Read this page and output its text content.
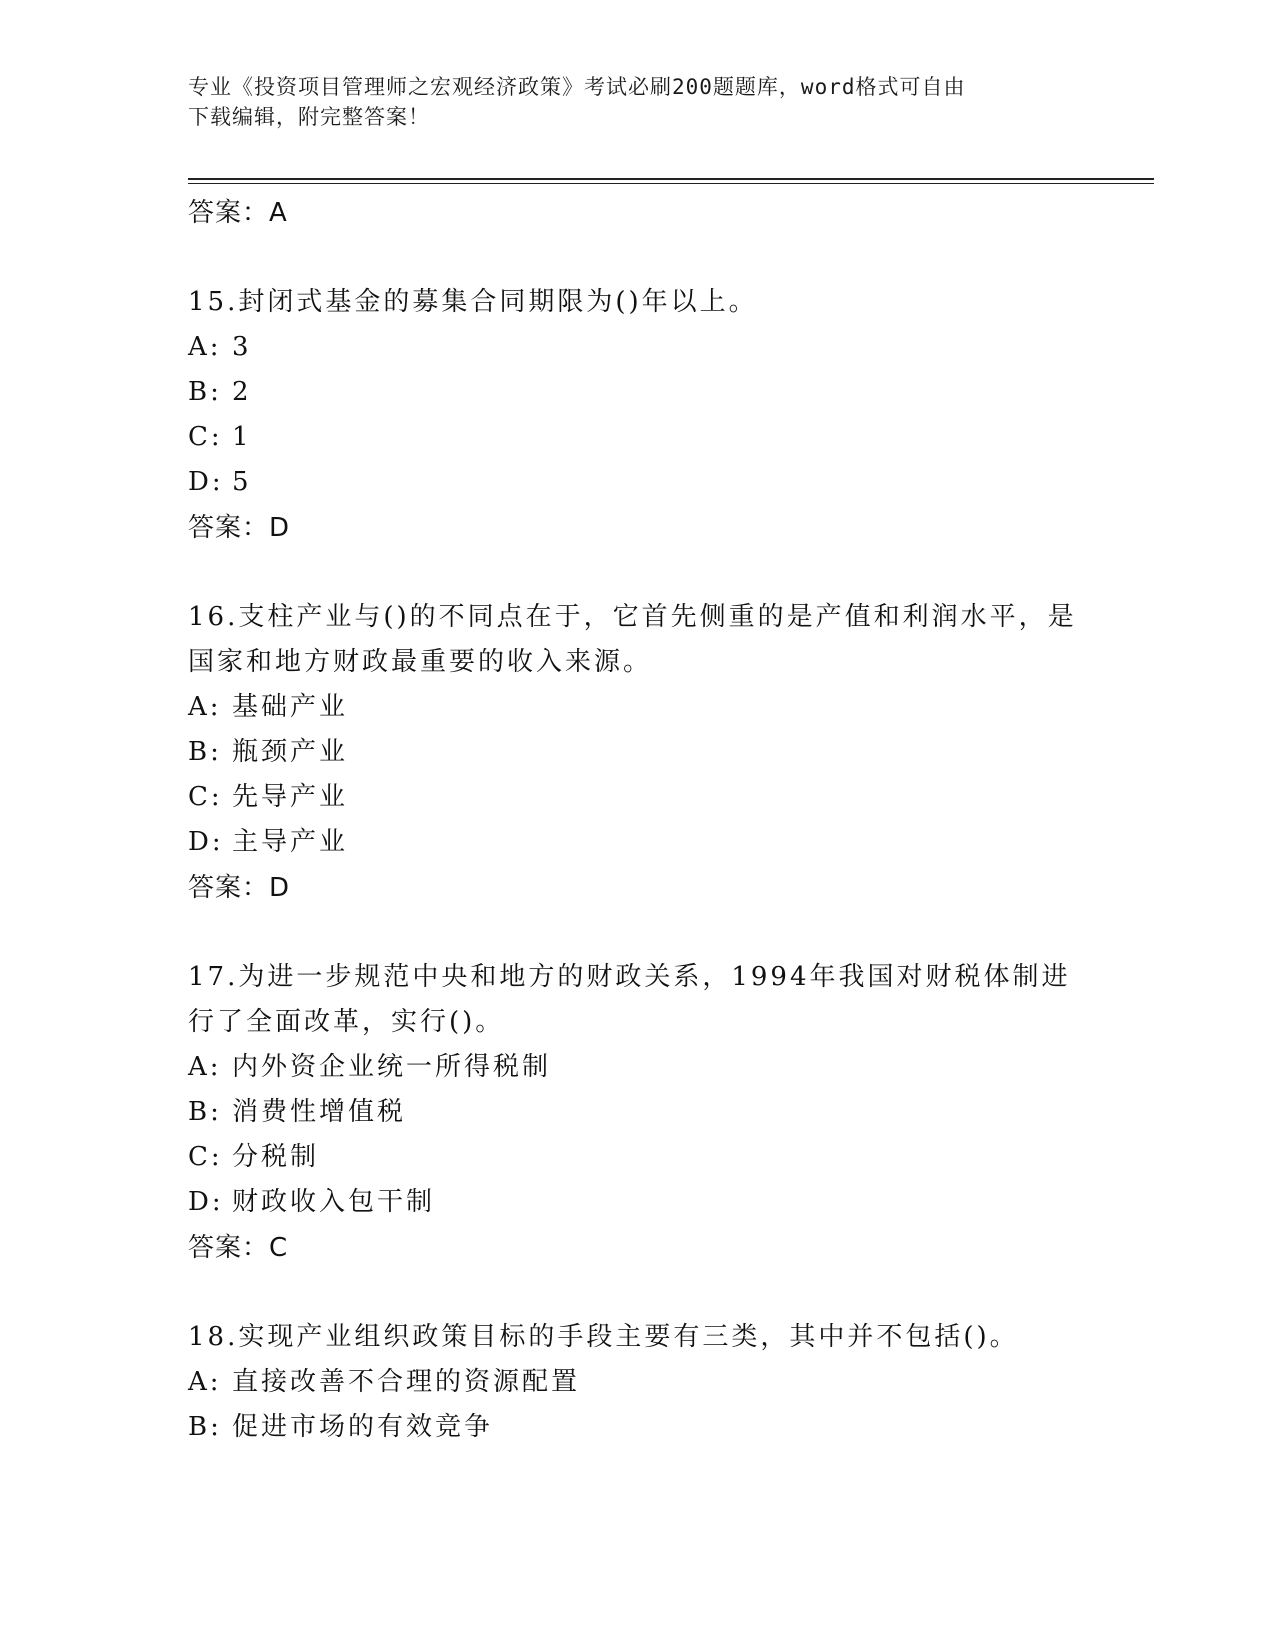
专业《投资项目管理师之宏观经济政策》考试必刷200题题库，word格式可自由
下载编辑，附完整答案！
答案：A
15.封闭式基金的募集合同期限为()年以上。
A: 3
B: 2
C: 1
D: 5
答案：D
16.支柱产业与()的不同点在于，它首先侧重的是产值和利润水平，是国家和地方财政最重要的收入来源。
A: 基础产业
B: 瓶颈产业
C: 先导产业
D: 主导产业
答案：D
17.为进一步规范中央和地方的财政关系，1994年我国对财税体制进行了全面改革，实行()。
A: 内外资企业统一所得税制
B: 消费性增值税
C: 分税制
D: 财政收入包干制
答案：C
18.实现产业组织政策目标的手段主要有三类，其中并不包括()。
A: 直接改善不合理的资源配置
B: 促进市场的有效竞争
